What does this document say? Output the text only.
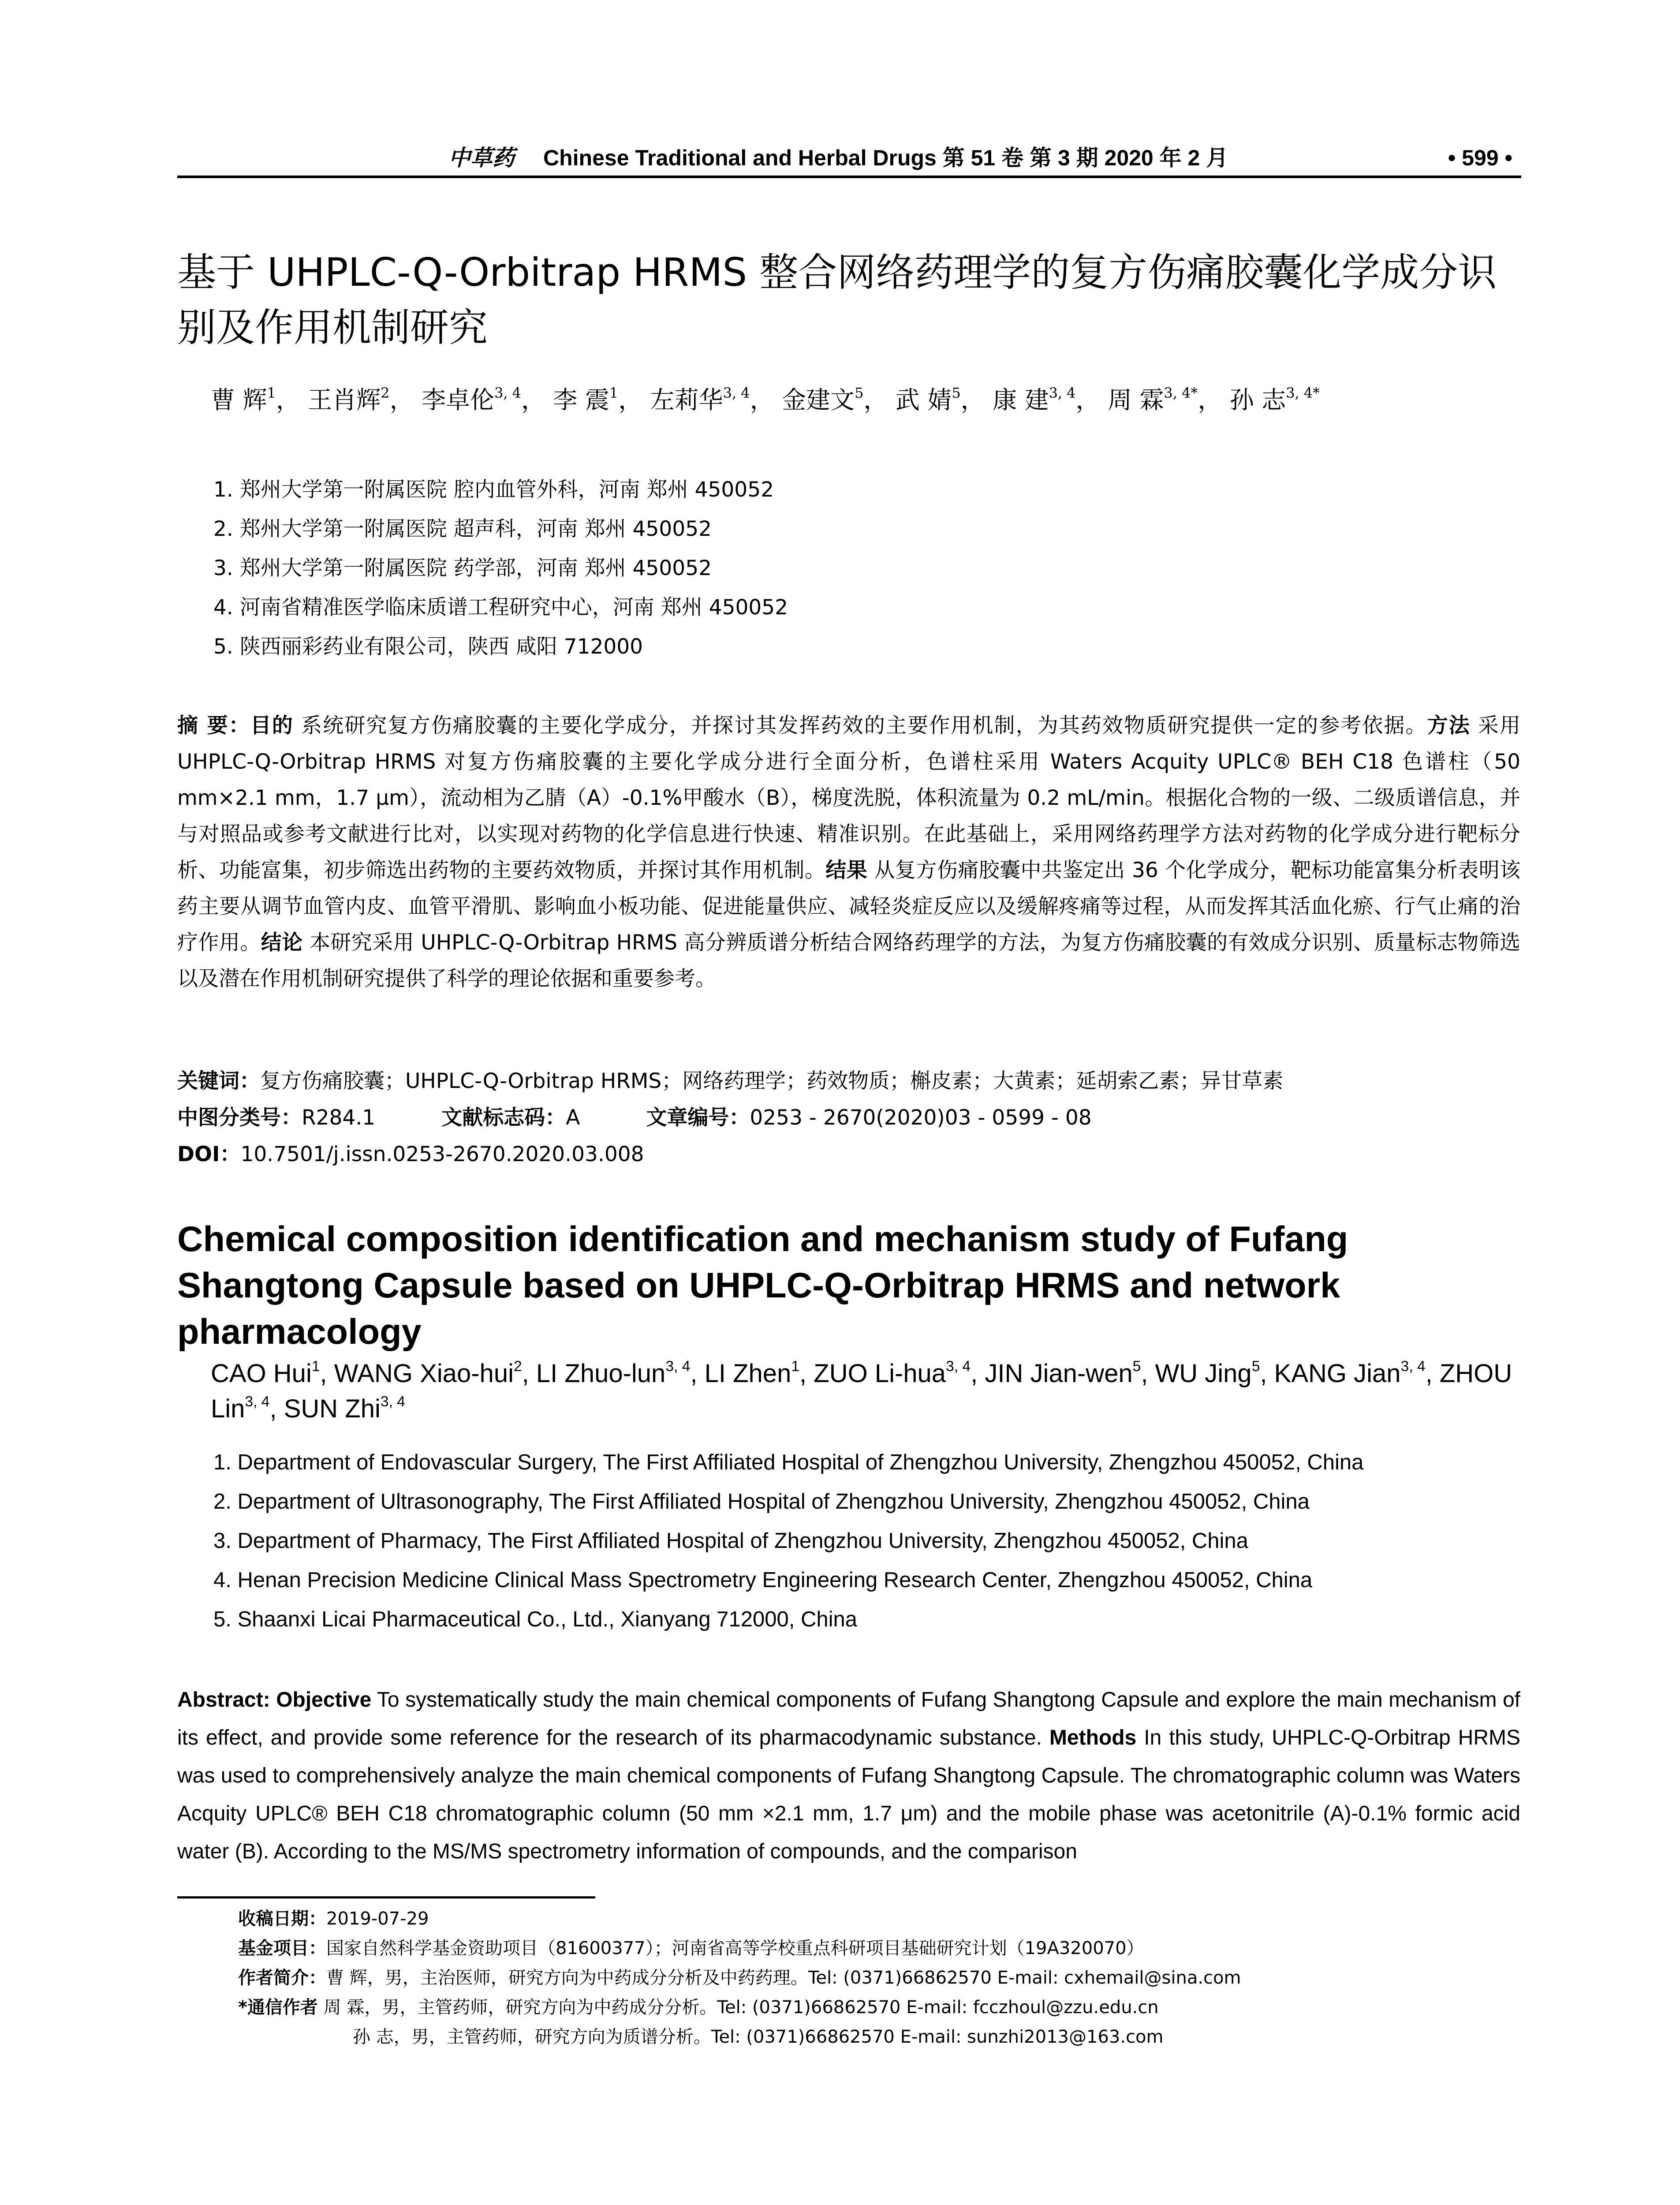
中草药 Chinese Traditional and Herbal Drugs 第 51 卷 第 3 期 2020 年 2 月	• 599 •
基于 UHPLC-Q-Orbitrap HRMS 整合网络药理学的复方伤痛胶囊化学成分识别及作用机制研究
曹 辉$^1$， 王肖辉$^2$， 李卓伦$^{3, 4}$， 李 震$^1$， 左莉华$^{3, 4}$， 金建文$^5$， 武 婧$^5$， 康 建$^{3, 4}$， 周 霖$^{3, 4*}$， 孙 志$^{3, 4*}$
1. 郑州大学第一附属医院 腔内血管外科，河南 郑州 450052
2. 郑州大学第一附属医院 超声科，河南 郑州 450052
3. 郑州大学第一附属医院 药学部，河南 郑州 450052
4. 河南省精准医学临床质谱工程研究中心，河南 郑州 450052
5. 陕西丽彩药业有限公司，陕西 咸阳 712000
摘 要：目的 系统研究复方伤痛胶囊的主要化学成分，并探讨其发挥药效的主要作用机制，为其药效物质研究提供一定的参考依据。方法 采用 UHPLC-Q-Orbitrap HRMS 对复方伤痛胶囊的主要化学成分进行全面分析，色谱柱采用 Waters Acquity UPLC® BEH C18 色谱柱（50 mm×2.1 mm，1.7 μm），流动相为乙腈（A）-0.1%甲酸水（B），梯度洗脱，体积流量为 0.2 mL/min。根据化合物的一级、二级质谱信息，并与对照品或参考文献进行比对，以实现对药物的化学信息进行快速、精准识别。在此基础上，采用网络药理学方法对药物的化学成分进行靶标分析、功能富集，初步筛选出药物的主要药效物质，并探讨其作用机制。结果 从复方伤痛胶囊中共鉴定出 36 个化学成分，靶标功能富集分析表明该药主要从调节血管内皮、血管平滑肌、影响血小板功能、促进能量供应、减轻炎症反应以及缓解疼痛等过程，从而发挥其活血化瘀、行气止痛的治疗作用。结论 本研究采用 UHPLC-Q-Orbitrap HRMS 高分辨质谱分析结合网络药理学的方法，为复方伤痛胶囊的有效成分识别、质量标志物筛选以及潜在作用机制研究提供了科学的理论依据和重要参考。
关键词：复方伤痛胶囊；UHPLC-Q-Orbitrap HRMS；网络药理学；药效物质；槲皮素；大黄素；延胡索乙素；异甘草素
中图分类号：R284.1	文献标志码：A	文章编号：0253 - 2670(2020)03 - 0599 - 08
DOI：10.7501/j.issn.0253-2670.2020.03.008
Chemical composition identification and mechanism study of Fufang Shangtong Capsule based on UHPLC-Q-Orbitrap HRMS and network pharmacology
CAO Hui$^1$, WANG Xiao-hui$^2$, LI Zhuo-lun$^{3, 4}$, LI Zhen$^1$, ZUO Li-hua$^{3, 4}$, JIN Jian-wen$^5$, WU Jing$^5$, KANG Jian$^{3, 4}$, ZHOU Lin$^{3, 4}$, SUN Zhi$^{3, 4}$
1. Department of Endovascular Surgery, The First Affiliated Hospital of Zhengzhou University, Zhengzhou 450052, China
2. Department of Ultrasonography, The First Affiliated Hospital of Zhengzhou University, Zhengzhou 450052, China
3. Department of Pharmacy, The First Affiliated Hospital of Zhengzhou University, Zhengzhou 450052, China
4. Henan Precision Medicine Clinical Mass Spectrometry Engineering Research Center, Zhengzhou 450052, China
5. Shaanxi Licai Pharmaceutical Co., Ltd., Xianyang 712000, China
Abstract: Objective To systematically study the main chemical components of Fufang Shangtong Capsule and explore the main mechanism of its effect, and provide some reference for the research of its pharmacodynamic substance. Methods In this study, UHPLC-Q-Orbitrap HRMS was used to comprehensively analyze the main chemical components of Fufang Shangtong Capsule. The chromatographic column was Waters Acquity UPLC® BEH C18 chromatographic column (50 mm ×2.1 mm, 1.7 μm) and the mobile phase was acetonitrile (A)-0.1% formic acid water (B). According to the MS/MS spectrometry information of compounds, and the comparison
收稿日期：2019-07-29
基金项目：国家自然科学基金资助项目（81600377）；河南省高等学校重点科研项目基础研究计划（19A320070）
作者简介：曹 辉，男，主治医师，研究方向为中药成分分析及中药药理。Tel: (0371)66862570 E-mail: cxhemail@sina.com
*通信作者 周 霖，男，主管药师，研究方向为中药成分分析。Tel: (0371)66862570 E-mail: fcczhoul@zzu.edu.cn
孙 志，男，主管药师，研究方向为质谱分析。Tel: (0371)66862570 E-mail: sunzhi2013@163.com
